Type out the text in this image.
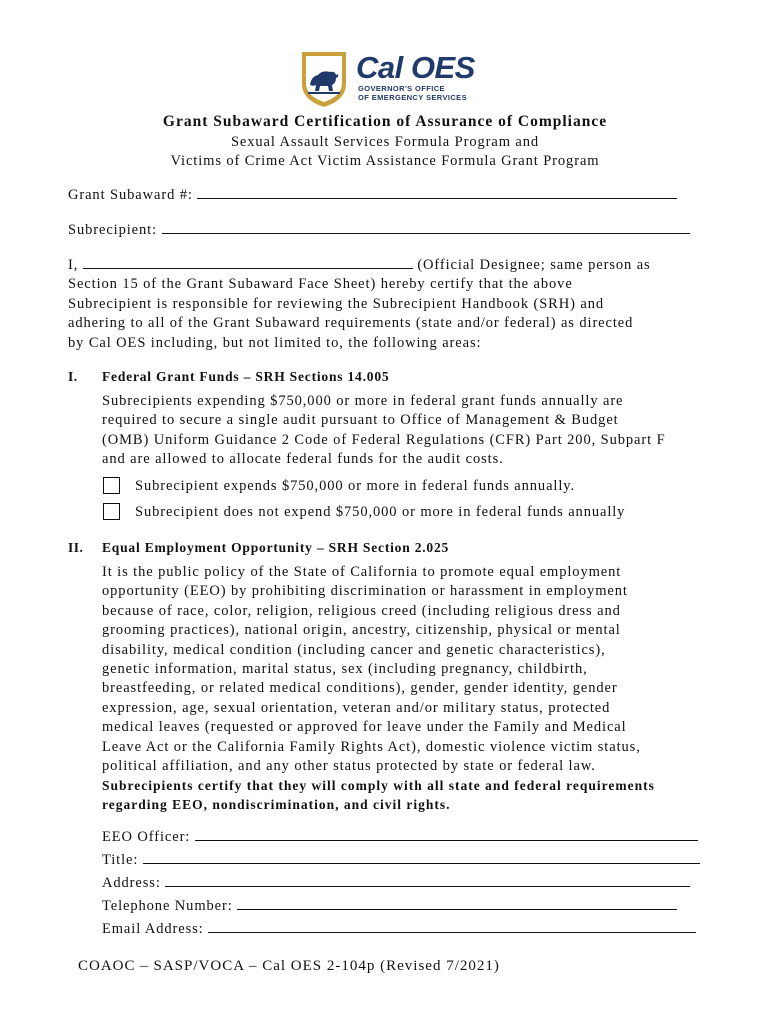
Cal OES
GOVERNOR'S OFFICE
OF EMERGENCY SERVICES
Grant Subaward Certification of Assurance of Compliance
Sexual Assault Services Formula Program and
Victims of Crime Act Victim Assistance Formula Grant Program
Grant Subaward #:
Subrecipient:

I,	(Official Designee; same person as

Section 15 of the Grant Subaward Face Sheet) hereby certify that the above

Subrecipient is responsible for reviewing the Subrecipient Handbook (SRH) and

adhering to all of the Grant Subaward requirements (state and/or federal) as directed

by Cal OES including, but not limited to, the following areas:

I. Federal Grant Funds – SRH Sections 14.005

Subrecipients expending $750,000 or more in federal grant funds annually are

required to secure a single audit pursuant to Office of Management & Budget

(OMB) Uniform Guidance 2 Code of Federal Regulations (CFR) Part 200, Subpart F

and are allowed to allocate federal funds for the audit costs.

Subrecipient expends $750,000 or more in federal funds annually.
Subrecipient does not expend $750,000 or more in federal funds annually
II. Equal Employment Opportunity – SRH Section 2.025

It is the public policy of the State of California to promote equal employment

opportunity (EEO) by prohibiting discrimination or harassment in employment

because of race, color, religion, religious creed (including religious dress and

grooming practices), national origin, ancestry, citizenship, physical or mental

disability, medical condition (including cancer and genetic characteristics),

genetic information, marital status, sex (including pregnancy, childbirth,

breastfeeding, or related medical conditions), gender, gender identity, gender

expression, age, sexual orientation, veteran and/or military status, protected

medical leaves (requested or approved for leave under the Family and Medical

Leave Act or the California Family Rights Act), domestic violence victim status,

political affiliation, and any other status protected by state or federal law.

Subrecipients certify that they will comply with all state and federal requirements

regarding EEO, nondiscrimination, and civil rights.

EEO Officer:
Title:
Address:
Telephone Number:
Email Address:
COAOC – SASP/VOCA – Cal OES 2-104p (Revised 7/2021)
